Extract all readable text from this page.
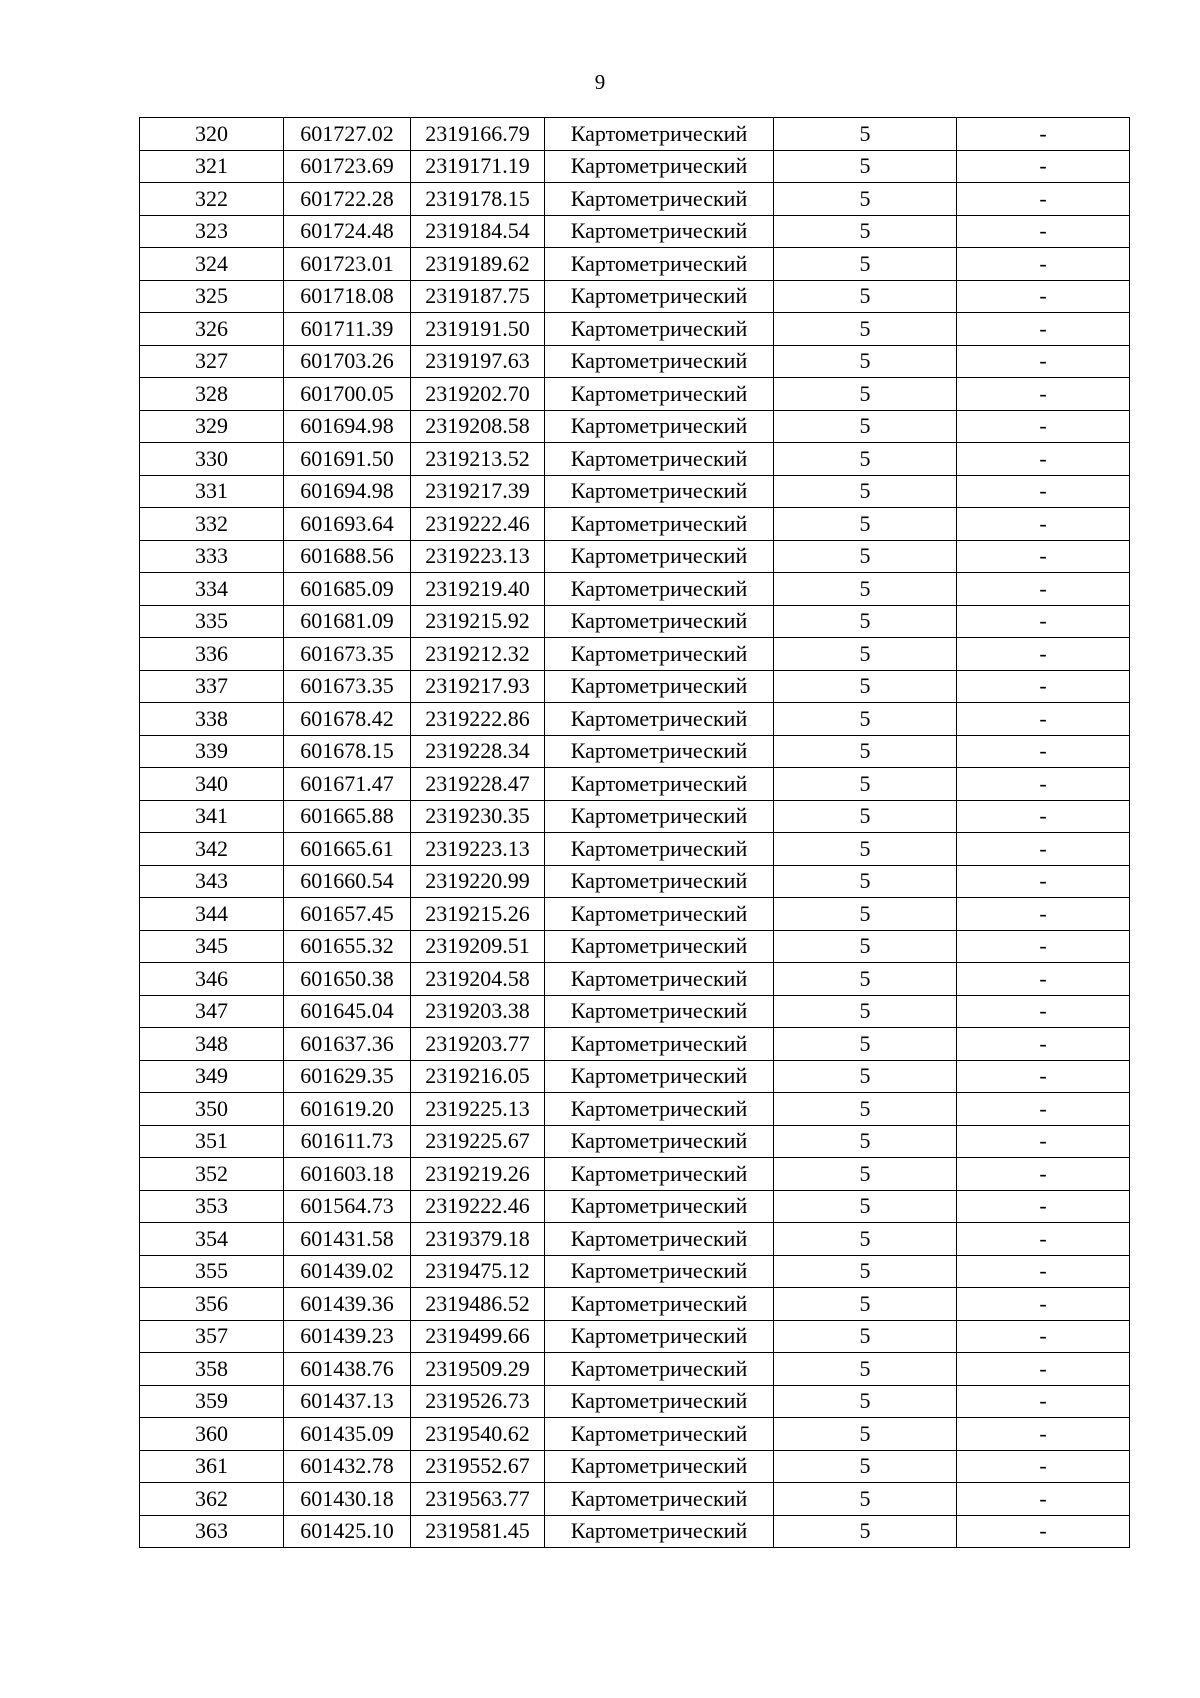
9
320	601727.02	2319166.79	Картометрический	5	-
321	601723.69	2319171.19	Картометрический	5	-
322	601722.28	2319178.15	Картометрический	5	-
323	601724.48	2319184.54	Картометрический	5	-
324	601723.01	2319189.62	Картометрический	5	-
325	601718.08	2319187.75	Картометрический	5	-
326	601711.39	2319191.50	Картометрический	5	-
327	601703.26	2319197.63	Картометрический	5	-
328	601700.05	2319202.70	Картометрический	5	-
329	601694.98	2319208.58	Картометрический	5	-
330	601691.50	2319213.52	Картометрический	5	-
331	601694.98	2319217.39	Картометрический	5	-
332	601693.64	2319222.46	Картометрический	5	-
333	601688.56	2319223.13	Картометрический	5	-
334	601685.09	2319219.40	Картометрический	5	-
335	601681.09	2319215.92	Картометрический	5	-
336	601673.35	2319212.32	Картометрический	5	-
337	601673.35	2319217.93	Картометрический	5	-
338	601678.42	2319222.86	Картометрический	5	-
339	601678.15	2319228.34	Картометрический	5	-
340	601671.47	2319228.47	Картометрический	5	-
341	601665.88	2319230.35	Картометрический	5	-
342	601665.61	2319223.13	Картометрический	5	-
343	601660.54	2319220.99	Картометрический	5	-
344	601657.45	2319215.26	Картометрический	5	-
345	601655.32	2319209.51	Картометрический	5	-
346	601650.38	2319204.58	Картометрический	5	-
347	601645.04	2319203.38	Картометрический	5	-
348	601637.36	2319203.77	Картометрический	5	-
349	601629.35	2319216.05	Картометрический	5	-
350	601619.20	2319225.13	Картометрический	5	-
351	601611.73	2319225.67	Картометрический	5	-
352	601603.18	2319219.26	Картометрический	5	-
353	601564.73	2319222.46	Картометрический	5	-
354	601431.58	2319379.18	Картометрический	5	-
355	601439.02	2319475.12	Картометрический	5	-
356	601439.36	2319486.52	Картометрический	5	-
357	601439.23	2319499.66	Картометрический	5	-
358	601438.76	2319509.29	Картометрический	5	-
359	601437.13	2319526.73	Картометрический	5	-
360	601435.09	2319540.62	Картометрический	5	-
361	601432.78	2319552.67	Картометрический	5	-
362	601430.18	2319563.77	Картометрический	5	-
363	601425.10	2319581.45	Картометрический	5	-
